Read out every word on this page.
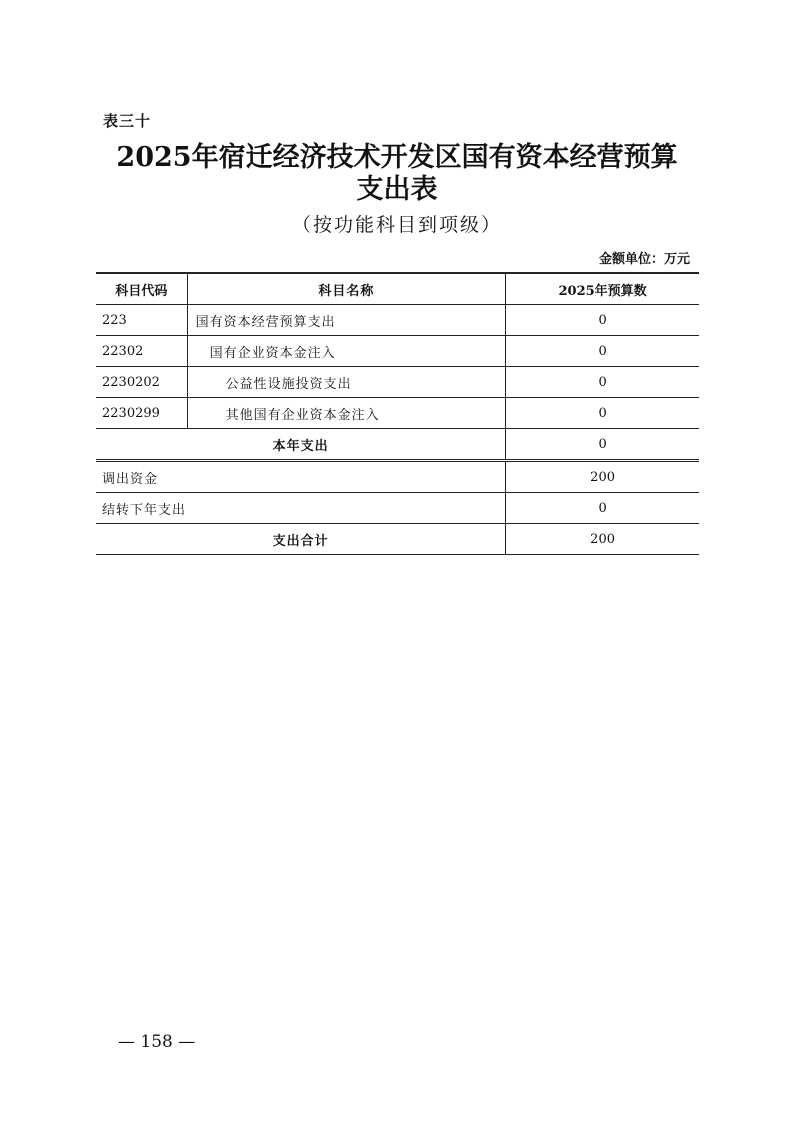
表三十
2025年宿迁经济技术开发区国有资本经营预算
支出表
（按功能科目到项级）
金额单位：万元
科目代码	科目名称	2025年预算数
223	国有资本经营预算支出	0
22302	国有企业资本金注入	0
2230202	公益性设施投资支出	0
2230299	其他国有企业资本金注入	0
本年支出		0
调出资金		200
结转下年支出		0
支出合计		200
— 158 —
